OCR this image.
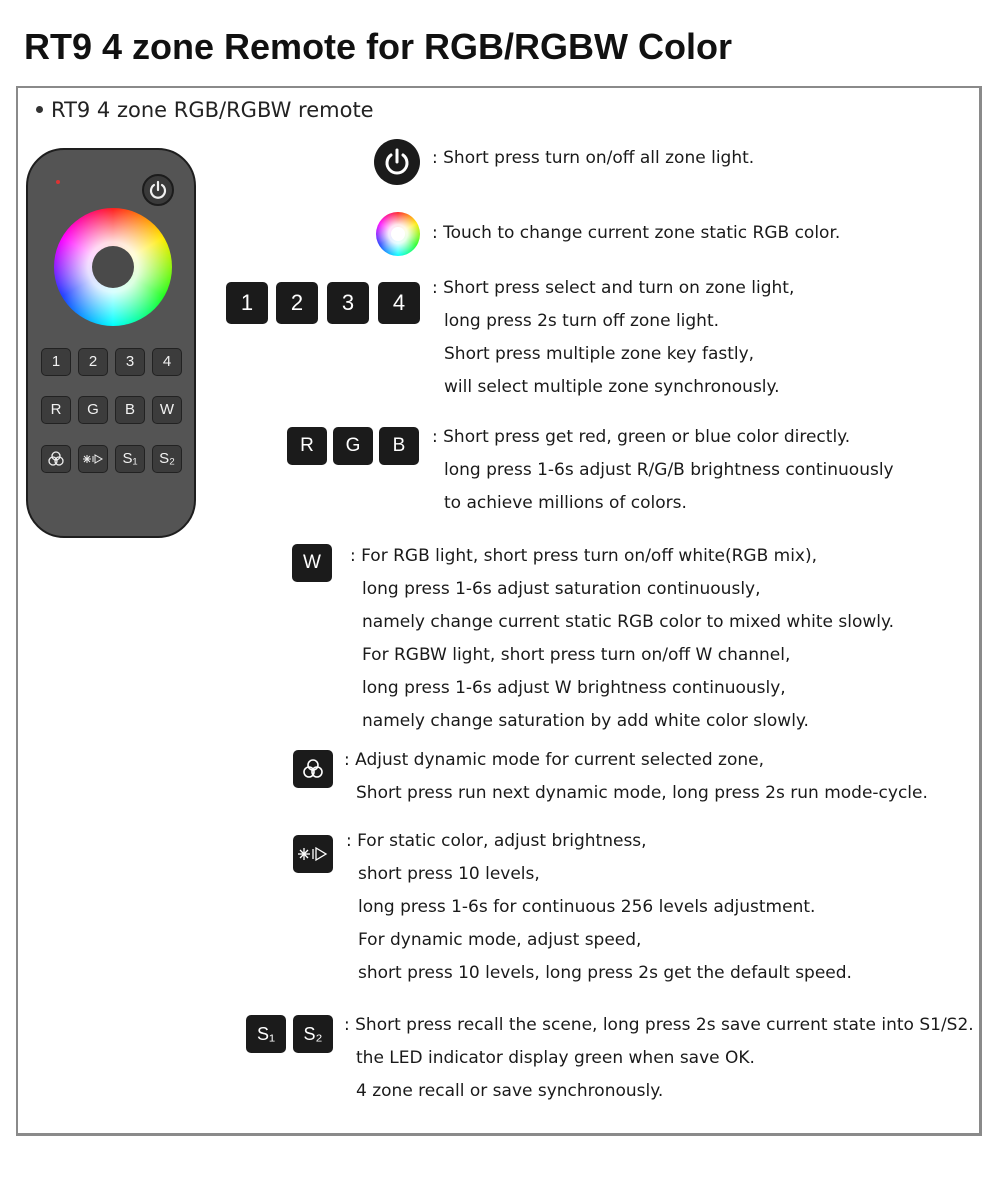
RT9 4 zone Remote for RGB/RGBW Color
RT9 4 zone RGB/RGBW remote
1	2	3	4
R	G	B	W
S₁	S₂
: Short press turn on/off all zone light.
: Touch to change current zone static RGB color.
1	2	3	4
: Short press select and turn on zone light,
long press 2s turn off zone light.
Short press multiple zone key fastly,
will select multiple zone synchronously.
R	G	B	: Short press get red, green or blue color directly.
long press 1-6s adjust R/G/B brightness continuously
to achieve millions of colors.
W	: For RGB light, short press turn on/off white(RGB mix),
long press 1-6s adjust saturation continuously,
namely change current static RGB color to mixed white slowly.
For RGBW light, short press turn on/off W channel,
long press 1-6s adjust W brightness continuously,
namely change saturation by add white color slowly.
: Adjust dynamic mode for current selected zone,
Short press run next dynamic mode, long press 2s run mode-cycle.
: For static color, adjust brightness,
short press 10 levels,
long press 1-6s for continuous 256 levels adjustment.
For dynamic mode, adjust speed,
short press 10 levels, long press 2s get the default speed.
S₁	S₂	: Short press recall the scene, long press 2s save current state into S1/S2.
the LED indicator display green when save OK.
4 zone recall or save synchronously.
